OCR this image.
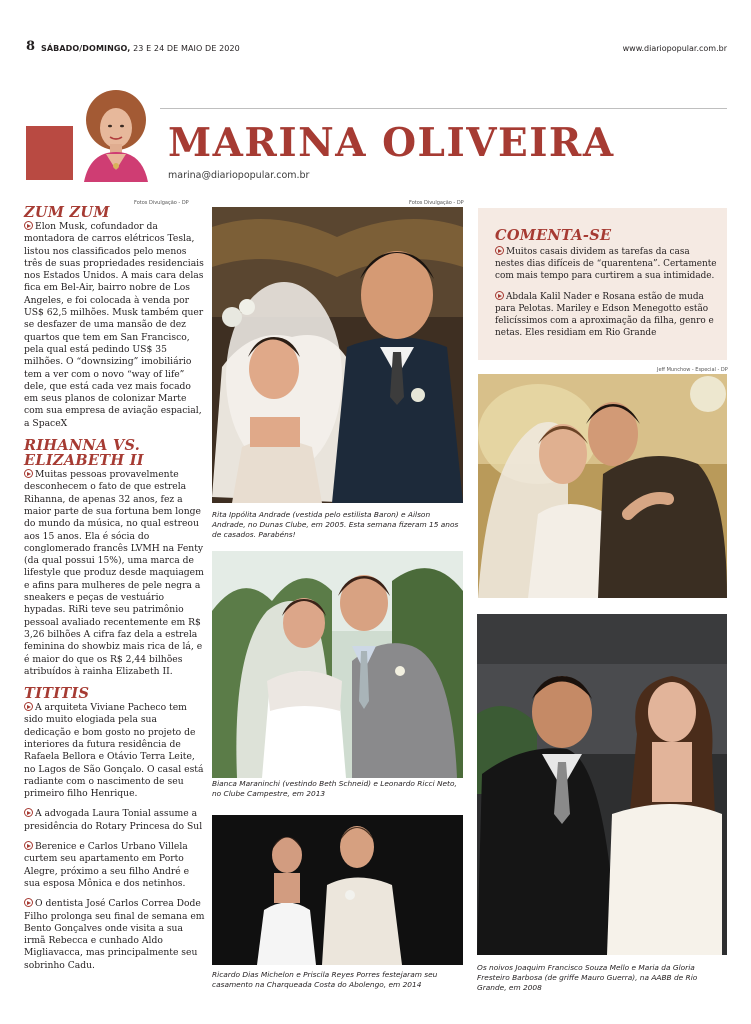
8 SÁBADO/DOMINGO, 23 E 24 DE MAIO DE 2020	www.diariopopular.com.br
MARINA OLIVEIRA
marina@diariopopular.com.br
Fotos Divulgação - DP	Fotos Divulgação - DP
Jeff Munchow - Especial - DP
ZUM ZUM
Elon Musk, cofundador da montadora de carros elétricos Tesla, listou nos classificados pelo menos três de suas propriedades residenciais nos Estados Unidos. A mais cara delas fica em Bel-Air, bairro nobre de Los Angeles, e foi colocada à venda por US$ 62,5 milhões. Musk também quer se desfazer de uma mansão de dez quartos que tem em San Francisco, pela qual está pedindo US$ 35 milhões. O “downsizing” imobiliário tem a ver com o novo “way of life” dele, que está cada vez mais focado em seus planos de colonizar Marte com sua empresa de aviação espacial, a SpaceX
RIHANNA VS.
ELIZABETH II
Muitas pessoas provavelmente desconhecem o fato de que estrela Rihanna, de apenas 32 anos, fez a maior parte de sua fortuna bem longe do mundo da música, no qual estreou aos 15 anos. Ela é sócia do conglomerado francês LVMH na Fenty (da qual possui 15%), uma marca de lifestyle que produz desde maquiagem e afins para mulheres de pele negra a sneakers e peças de vestuário hypadas. RiRi teve seu patrimônio pessoal avaliado recentemente em R$ 3,26 bilhões A cifra faz dela a estrela feminina do showbiz mais rica de lá, e é maior do que os R$ 2,44 bilhões atribuídos à rainha Elizabeth II.
TITITIS
A arquiteta Viviane Pacheco tem sido muito elogiada pela sua dedicação e bom gosto no projeto de interiores da futura residência de Rafaela Bellora e Otávio Terra Leite, no Lagos de São Gonçalo. O casal está radiante com o nascimento de seu primeiro filho Henrique.
A advogada Laura Tonial assume a presidência do Rotary Princesa do Sul
Berenice e Carlos Urbano Villela curtem seu apartamento em Porto Alegre, próximo a seu filho André e sua esposa Mônica e dos netinhos.
O dentista José Carlos Correa Dode Filho prolonga seu final de semana em Bento Gonçalves onde visita a sua irmã Rebecca e cunhado Aldo Migliavacca, mas principalmente seu sobrinho Cadu.
COMENTA-SE
Muitos casais dividem as tarefas da casa nestes dias difíceis de “quarentena”. Certamente com mais tempo para curtirem a sua intimidade.
Abdala Kalil Nader e Rosana estão de muda para Pelotas. Mariley e Edson Menegotto estão felicíssimos com a aproximação da filha, genro e netas. Eles residiam em Rio Grande
Rita Ippólita Andrade (vestida pelo estilista Baron) e Ailson Andrade, no Dunas Clube, em 2005. Esta semana fizeram 15 anos de casados. Parabéns!
Bianca Maraninchi (vestindo Beth Schneid) e Leonardo Ricci Neto, no Clube Campestre, em 2013
Ricardo Dias Michelon e Priscila Reyes Porres festejaram seu casamento na Charqueada Costa do Abolengo, em 2014
Os noivos Joaquim Francisco Souza Mello e Maria da Gloria Fresteiro Barbosa (de griffe Mauro Guerra), na AABB de Rio Grande, em 2008
